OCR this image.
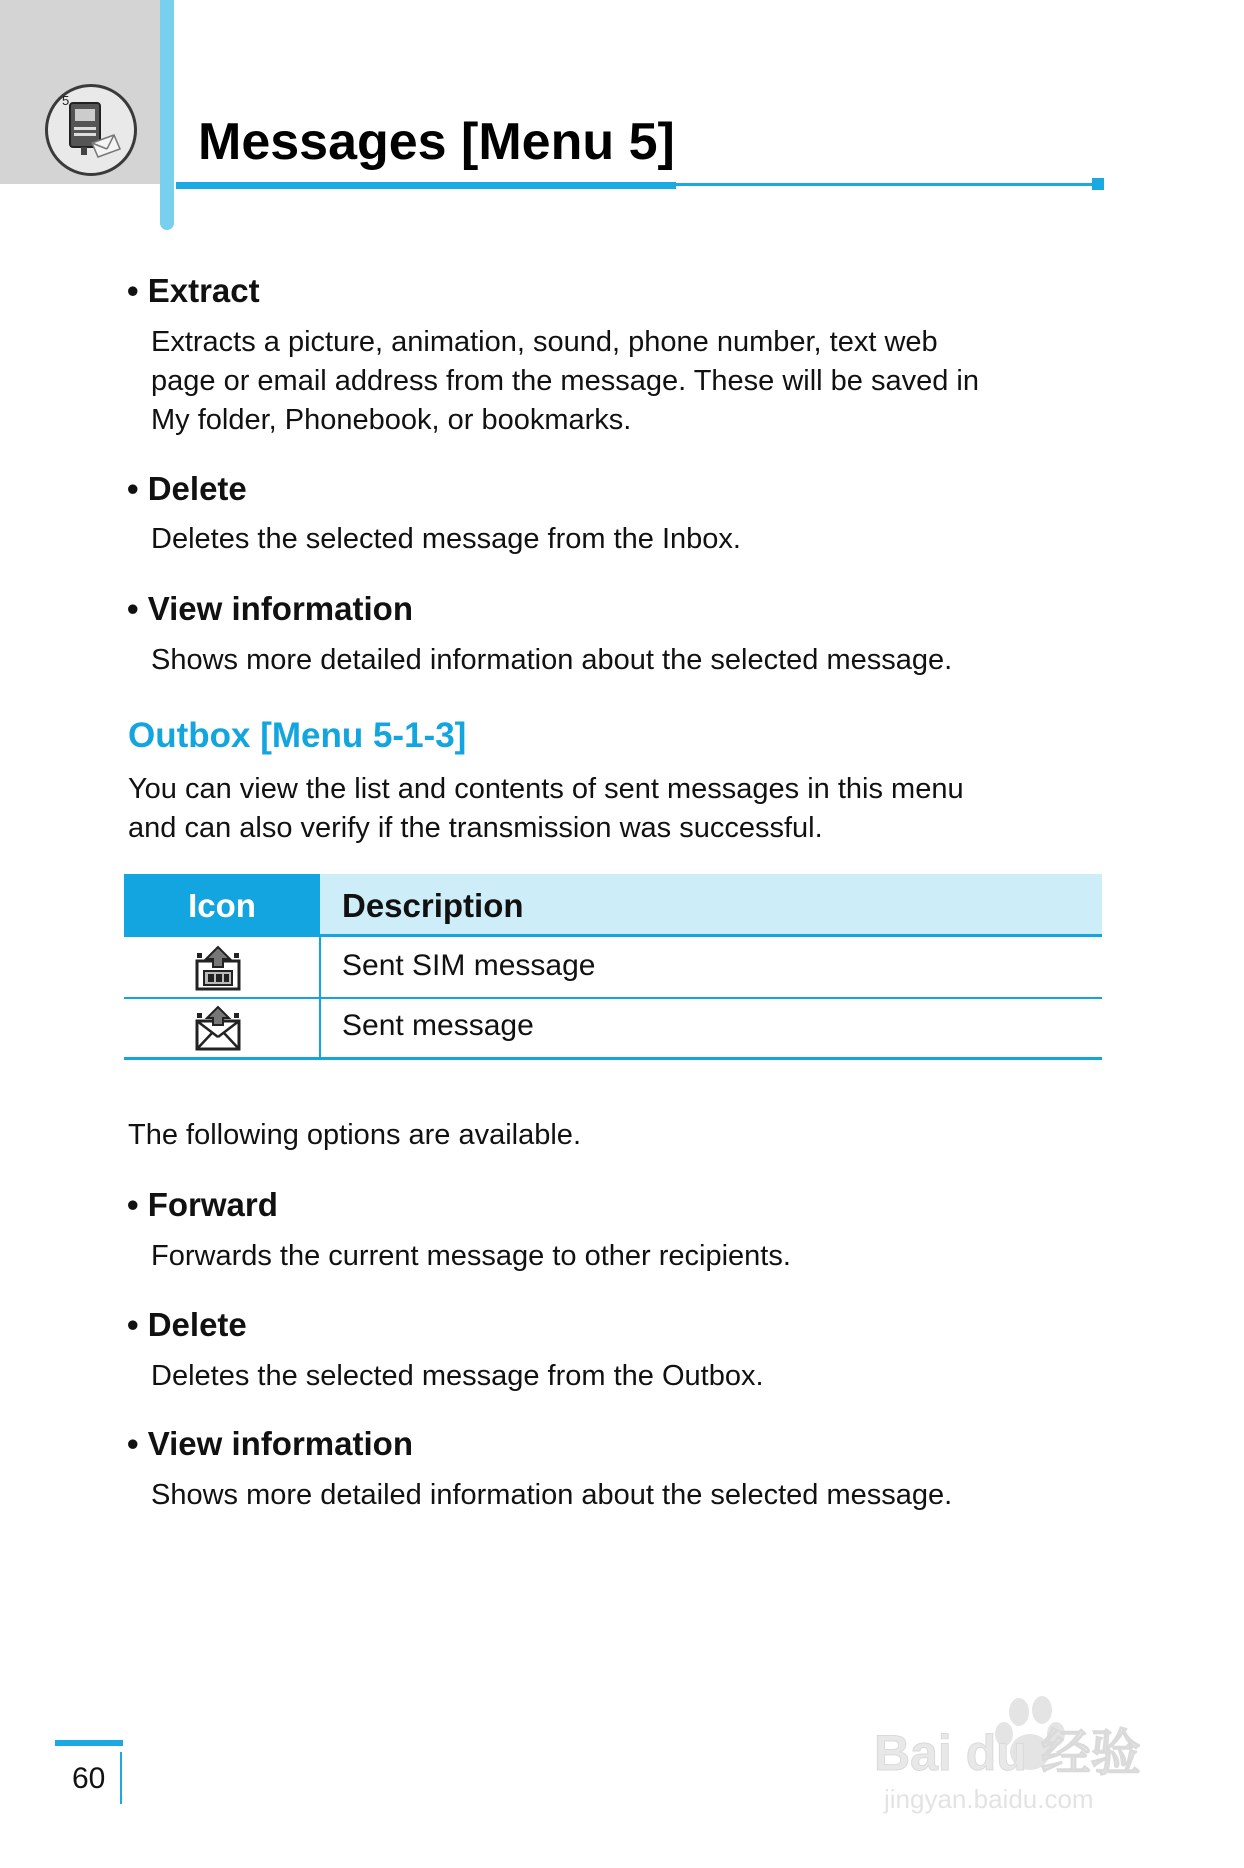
5
Messages [Menu 5]
• Extract
Extracts a picture, animation, sound, phone number, text web
page or email address from the message. These will be saved in
My folder, Phonebook, or bookmarks.
• Delete
Deletes the selected message from the Inbox.
• View information
Shows more detailed information about the selected message.
Outbox [Menu 5-1-3]
You can view the list and contents of sent messages in this menu
and can also verify if the transmission was successful.
Icon	Description
Sent SIM message
Sent message
The following options are available.
• Forward
Forwards the current message to other recipients.
• Delete
Deletes the selected message from the Outbox.
• View information
Shows more detailed information about the selected message.
60	Bai du 经验
jingyan.baidu.com
